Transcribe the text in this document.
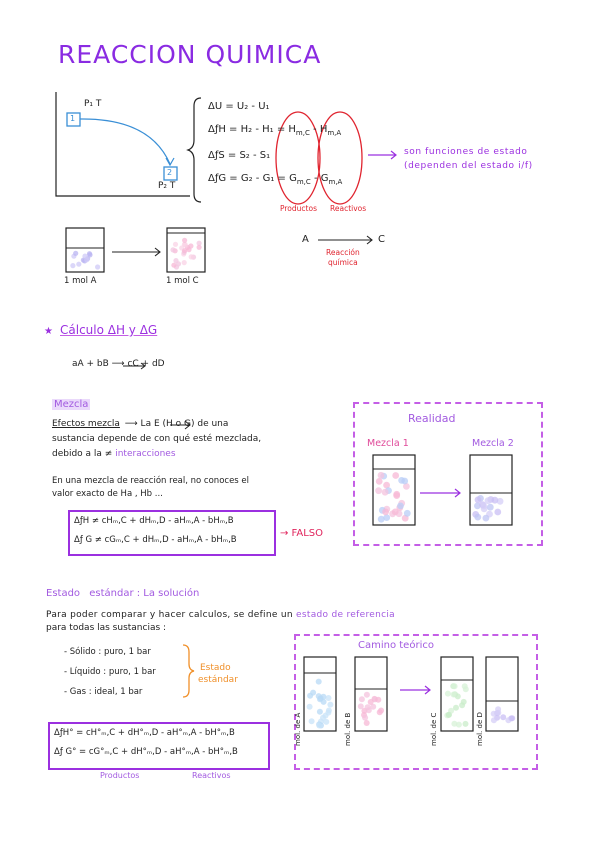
REACCION QUIMICA
P₁ T
1
2
P₂ T
ΔU = U₂ - U₁
ΔƒH = $H_2 - H_1 = H_{m,C} - H_{m,A}$
ΔƒS = S₂ - S₁
ΔƒG = $G_2 - G_1 = G_{m,C} - G_{m,A}$
Productos Reactivos
son funciones de estado
(dependen del estado i/f)
1 mol A	1 mol C
A	C
Reacción
química
★ Cálculo ΔH y ΔG
aA + bB ⟶ cC + dD
Mezcla
Efectos mezcla ⟶ La E (H o G) de una
sustancia depende de con qué esté mezclada,
debido a la ≠ interacciones
En una mezcla de reacción real, no conoces el
valor exacto de Ha , Hb ...
ΔƒH ≠ cHₘ,C + dHₘ,D - aHₘ,A - bHₘ,B
Δƒ G ≠ cGₘ,C + dHₘ,D - aHₘ,A - bHₘ,B
→ FALSO
Realidad
Mezcla 1	Mezcla 2
Estado estándar : La solución
Para poder comparar y hacer calculos, se define un estado de referencia
para todas las sustancias :
- Sólido : puro, 1 bar
- Líquido : puro, 1 bar
- Gas : ideal, 1 bar
Estado
estándar
ΔƒH° = cH°ₘ,C + dH°ₘ,D - aH°ₘ,A - bH°ₘ,B
Δƒ G° = cG°ₘ,C + dH°ₘ,D - aH°ₘ,A - bH°ₘ,B
Productos	Reactivos
Camino teórico
mol. de A	mol. de B	mol. de C	mol. de D
